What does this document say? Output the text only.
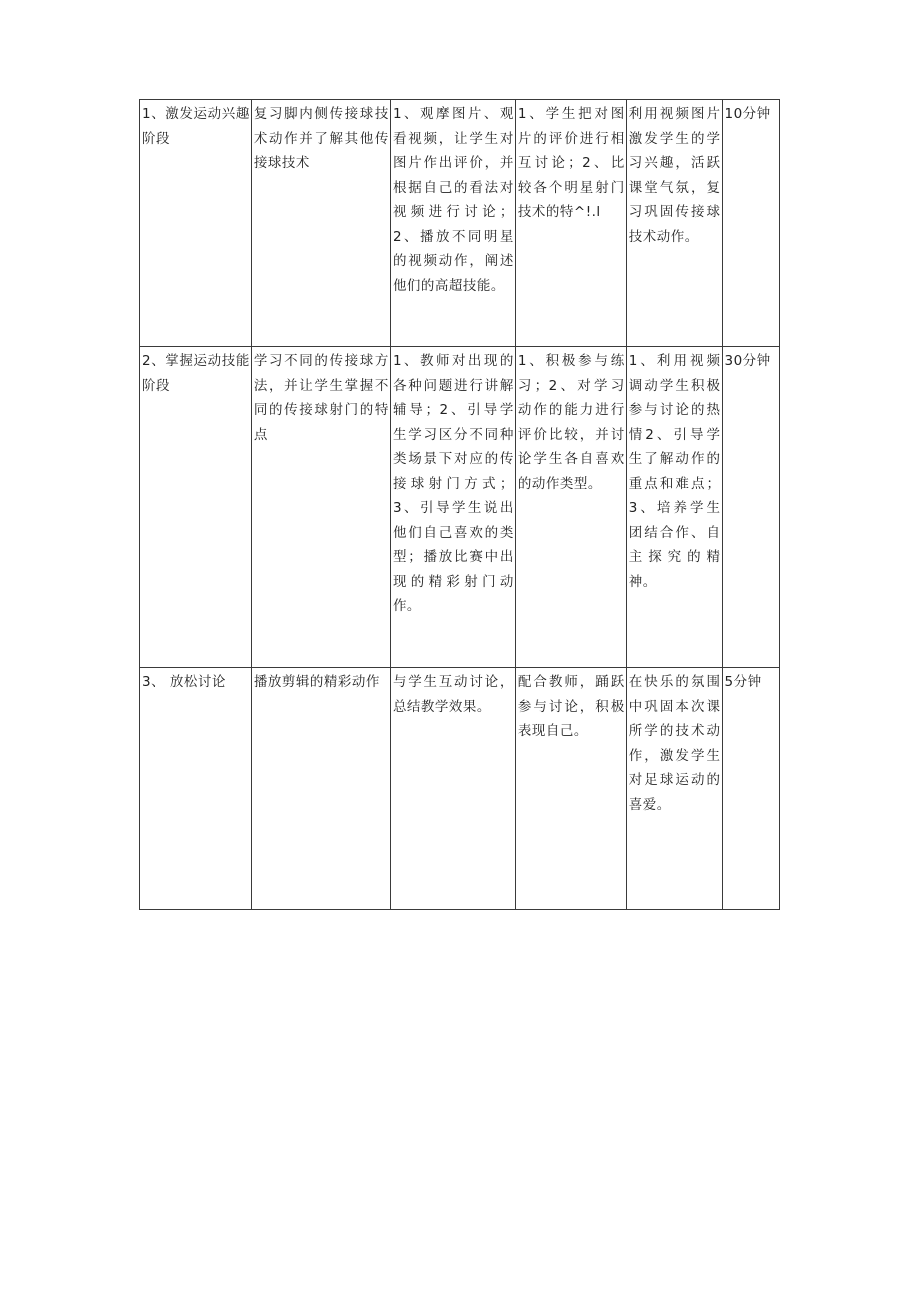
1、激发运动兴趣阶段	复习脚内侧传接球技术动作并了解其他传接球技术	1、观摩图片、观看视频，让学生对图片作出评价，并根据自己的看法对视频进行讨论；2、播放不同明星的视频动作，阐述他们的高超技能。	1、学生把对图片的评价进行相互讨论；2、比较各个明星射门技术的特^!.l	利用视频图片激发学生的学习兴趣，活跃课堂气氛，复习巩固传接球技术动作。	10分钟
2、掌握运动技能阶段	学习不同的传接球方法，并让学生掌握不同的传接球射门的特点	1、教师对出现的各种问题进行讲解辅导；2、引导学生学习区分不同种类场景下对应的传接球射门方式；3、引导学生说出他们自己喜欢的类型；播放比赛中出现的精彩射门动作。	1、积极参与练习；2、对学习动作的能力进行评价比较，并讨论学生各自喜欢的动作类型。	1、利用视频调动学生积极参与讨论的热情2、引导学生了解动作的重点和难点；3、培养学生团结合作、自主探究的精神。	30分钟
3、 放松讨论	播放剪辑的精彩动作	与学生互动讨论，总结教学效果。	配合教师，踊跃参与讨论，积极表现自己。	在快乐的氛围中巩固本次课所学的技术动作，激发学生对足球运动的喜爱。	5分钟
